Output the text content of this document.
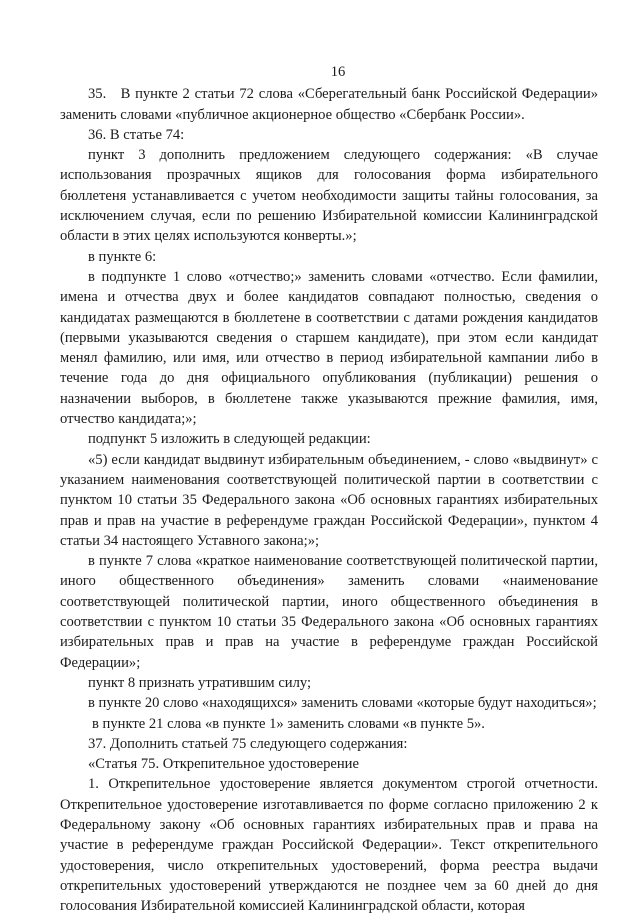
16

35.   В пункте 2 статьи 72 слова «Сберегательный банк Российской Федерации» заменить словами «публичное акционерное общество «Сбербанк России».

36. В статье 74:

пункт 3 дополнить предложением следующего содержания: «В случае использования прозрачных ящиков для голосования форма избирательного бюллетеня устанавливается с учетом необходимости защиты тайны голосования, за исключением случая, если по решению Избирательной комиссии Калининградской области в этих целях используются конверты.»;

в пункте 6:

в подпункте 1 слово «отчество;» заменить словами «отчество. Если фамилии, имена и отчества двух и более кандидатов совпадают полностью, сведения о кандидатах размещаются в бюллетене в соответствии с датами рождения кандидатов (первыми указываются сведения о старшем кандидате), при этом если кандидат менял фамилию, или имя, или отчество в период избирательной кампании либо в течение года до дня официального опубликования (публикации) решения о назначении выборов, в бюллетене также указываются прежние фамилия, имя, отчество кандидата;»;

подпункт 5 изложить в следующей редакции:

«5) если кандидат выдвинут избирательным объединением, - слово «выдвинут» с указанием наименования соответствующей политической партии в соответствии с пунктом 10 статьи 35 Федерального закона «Об основных гарантиях избирательных прав и прав на участие в референдуме граждан Российской Федерации», пунктом 4 статьи 34 настоящего Уставного закона;»;

в пункте 7 слова «краткое наименование соответствующей политической партии, иного общественного объединения» заменить словами «наименование соответствующей политической партии, иного общественного объединения в соответствии с пунктом 10 статьи 35 Федерального закона «Об основных гарантиях избирательных прав и прав на участие в референдуме граждан Российской Федерации»;

пункт 8 признать утратившим силу;

в пункте 20 слово «находящихся» заменить словами «которые будут находиться»;

в пункте 21 слова «в пункте 1» заменить словами «в пункте 5».

37. Дополнить статьей 75 следующего содержания:

«Статья 75. Открепительное удостоверение

1. Открепительное удостоверение является документом строгой отчетности. Открепительное удостоверение изготавливается по форме согласно приложению 2 к Федеральному закону «Об основных гарантиях избирательных прав и права на участие в референдуме граждан Российской Федерации». Текст открепительного удостоверения, число открепительных удостоверений, форма реестра выдачи открепительных удостоверений утверждаются не позднее чем за 60 дней до дня голосования Избирательной комиссией Калининградской области, которая
